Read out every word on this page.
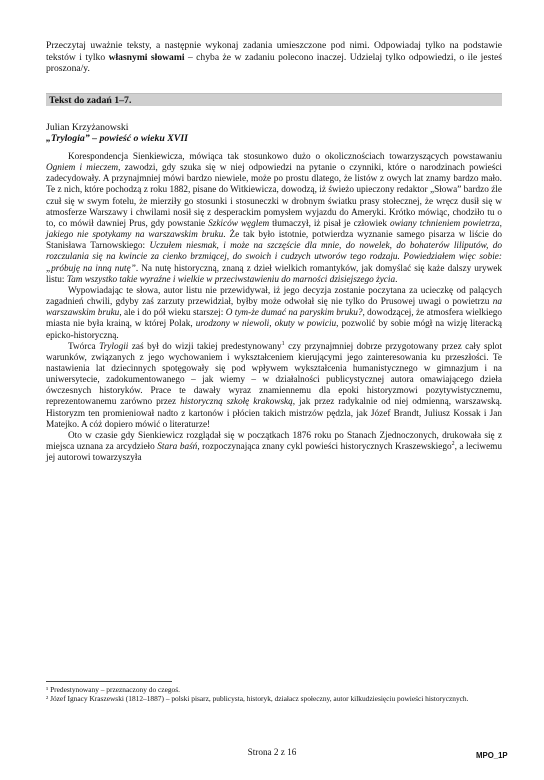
Przeczytaj uważnie teksty, a następnie wykonaj zadania umieszczone pod nimi. Odpowiadaj tylko na podstawie tekstów i tylko własnymi słowami – chyba że w zadaniu polecono inaczej. Udzielaj tylko odpowiedzi, o ile jesteś proszona/y.
Tekst do zadań 1–7.
Julian Krzyżanowski
„Trylogia” – powieść o wieku XVII

Korespondencja Sienkiewicza, mówiąca tak stosunkowo dużo o okolicznościach towarzyszących powstawaniu Ogniem i mieczem, zawodzi, gdy szuka się w niej odpowiedzi na pytanie o czynniki, które o narodzinach powieści zadecydowały. A przynajmniej mówi bardzo niewiele, może po prostu dlatego, że listów z owych lat znamy bardzo mało. Te z nich, które pochodzą z roku 1882, pisane do Witkiewicza, dowodzą, iż świeżo upieczony redaktor „Słowa” bardzo źle czuł się w swym fotelu, że mierziły go stosunki i stosuneczki w drobnym światku prasy stołecznej, że wręcz dusił się w atmosferze Warszawy i chwilami nosił się z desperackim pomysłem wyjazdu do Ameryki. Krótko mówiąc, chodziło tu o to, co mówił dawniej Prus, gdy powstanie Szkiców węglem tłumaczył, iż pisał je człowiek owiany tchnieniem powietrza, jakiego nie spotykamy na warszawskim bruku. Że tak było istotnie, potwierdza wyznanie samego pisarza w liście do Stanisława Tarnowskiego: Uczułem niesmak, i może na szczęście dla mnie, do nowelek, do bohaterów liliputów, do rozczulania się na kwincie za cienko brzmiącej, do swoich i cudzych utworów tego rodzaju. Powiedziałem więc sobie: „próbuję na inną nutę”. Na nutę historyczną, znaną z dzieł wielkich romantyków, jak domyślać się każe dalszy urywek listu: Tam wszystko takie wyraźne i wielkie w przeciwstawieniu do marności dzisiejszego życia.

Wypowiadając te słowa, autor listu nie przewidywał, iż jego decyzja zostanie poczytana za ucieczkę od palących zagadnień chwili, gdyby zaś zarzuty przewidział, byłby może odwołał się nie tylko do Prusowej uwagi o powietrzu na warszawskim bruku, ale i do pół wieku starszej: O tym-że dumać na paryskim bruku?, dowodzącej, że atmosfera wielkiego miasta nie była krainą, w której Polak, urodzony w niewoli, okuty w powiciu, pozwolić by sobie mógł na wizję literacką epicko-historyczną.

Twórca Trylogii zaś był do wizji takiej predestynowany$^1$ czy przynajmniej dobrze przygotowany przez cały splot warunków, związanych z jego wychowaniem i wykształceniem kierującymi jego zainteresowania ku przeszłości. Te nastawienia lat dziecinnych spotęgowały się pod wpływem wykształcenia humanistycznego w gimnazjum i na uniwersytecie, zadokumentowanego – jak wiemy – w działalności publicystycznej autora omawiającego dzieła ówczesnych historyków. Prace te dawały wyraz znamiennemu dla epoki historyzmowi pozytywistycznemu, reprezentowanemu zarówno przez historyczną szkołę krakowską, jak przez radykalnie od niej odmienną, warszawską. Historyzm ten promieniował nadto z kartonów i płócien takich mistrzów pędzla, jak Józef Brandt, Juliusz Kossak i Jan Matejko. A cóż dopiero mówić o literaturze!

Oto w czasie gdy Sienkiewicz rozglądał się w początkach 1876 roku po Stanach Zjednoczonych, drukowała się z miejsca uznana za arcydzieło Stara baśń, rozpoczynająca znany cykl powieści historycznych Kraszewskiego$^2$, a leciwemu jej autorowi towarzyszyła

¹ Predestynowany – przeznaczony do czegoś.
² Józef Ignacy Kraszewski (1812–1887) – polski pisarz, publicysta, historyk, działacz społeczny, autor kilkudziesięciu powieści historycznych.
Strona 2 z 16	MPO_1P
